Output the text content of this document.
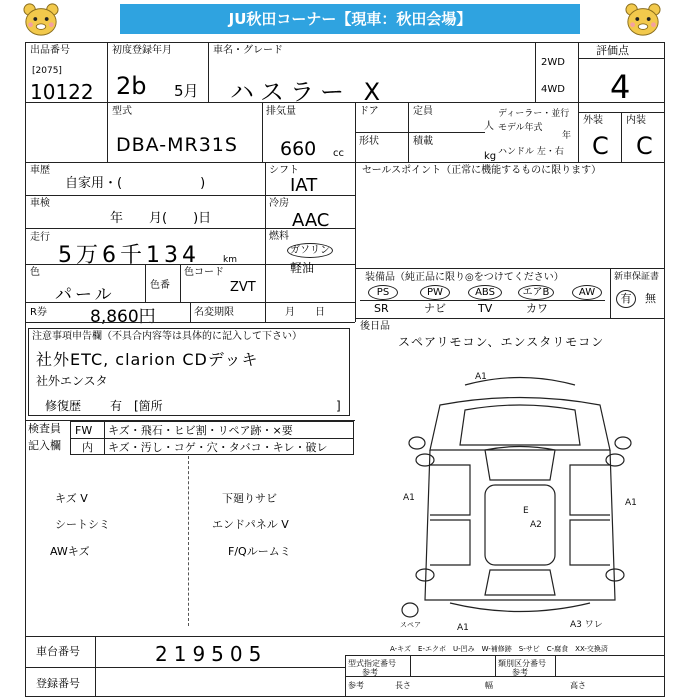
JU秋田コーナー【現車：秋田会場】
出品番号
[2075]
10122
初度登録年月
2b 5月
車名・グレード
ハスラー X
2WD
4WD
評価点
4
型式
DBA-MR31S
排気量
660 cc
ドア	定員
人
形状	積載
kg
ディーラー・並行
モデル年式
年
ハンドル 左・右
外装 内装
C C
車歴
自家用・(　　　　　　)
シフト
IAT
車検
年　　月(　　)日
冷房
AAC
走行
5万6千134	km
燃料
ガソリン
軽油
色
パール	色番
色コード
ZVT
R券	8,860円	名変期限	月　　日
セールスポイント（正常に機能するものに限ります）
装備品（純正品に限り◎をつけてください）	新車保証書
PS	PW	ABS	エアB	AW
SR	ナビ	TV	カワ
有	無
後日品
スペアリモコン、エンスタリモコン
注意事項申告欄（不具合内容等は具体的に記入して下さい）
社外ETC, clarion CDデッキ
社外エンスタ
修復歴 有　[箇所	]
検査員
記入欄
FW キズ・飛石・ヒビ割・リペア跡・×要
内 キズ・汚し・コゲ・穴・タバコ・キレ・破レ
キズ V
シートシミ
AWキズ
下廻りサビ
エンドパネル V
F/Qルームミ
A1
A1	A1
E
A2
A3 ワレ
A1
スペア
A-キズ　E-エクボ　U-凹み　W-補修跡　S-サビ　C-腐食　XX-交換済
車台番号	219505
登録番号
型式指定番号
参考
類別区分番号
参考
参考	長さ	幅	高さ
